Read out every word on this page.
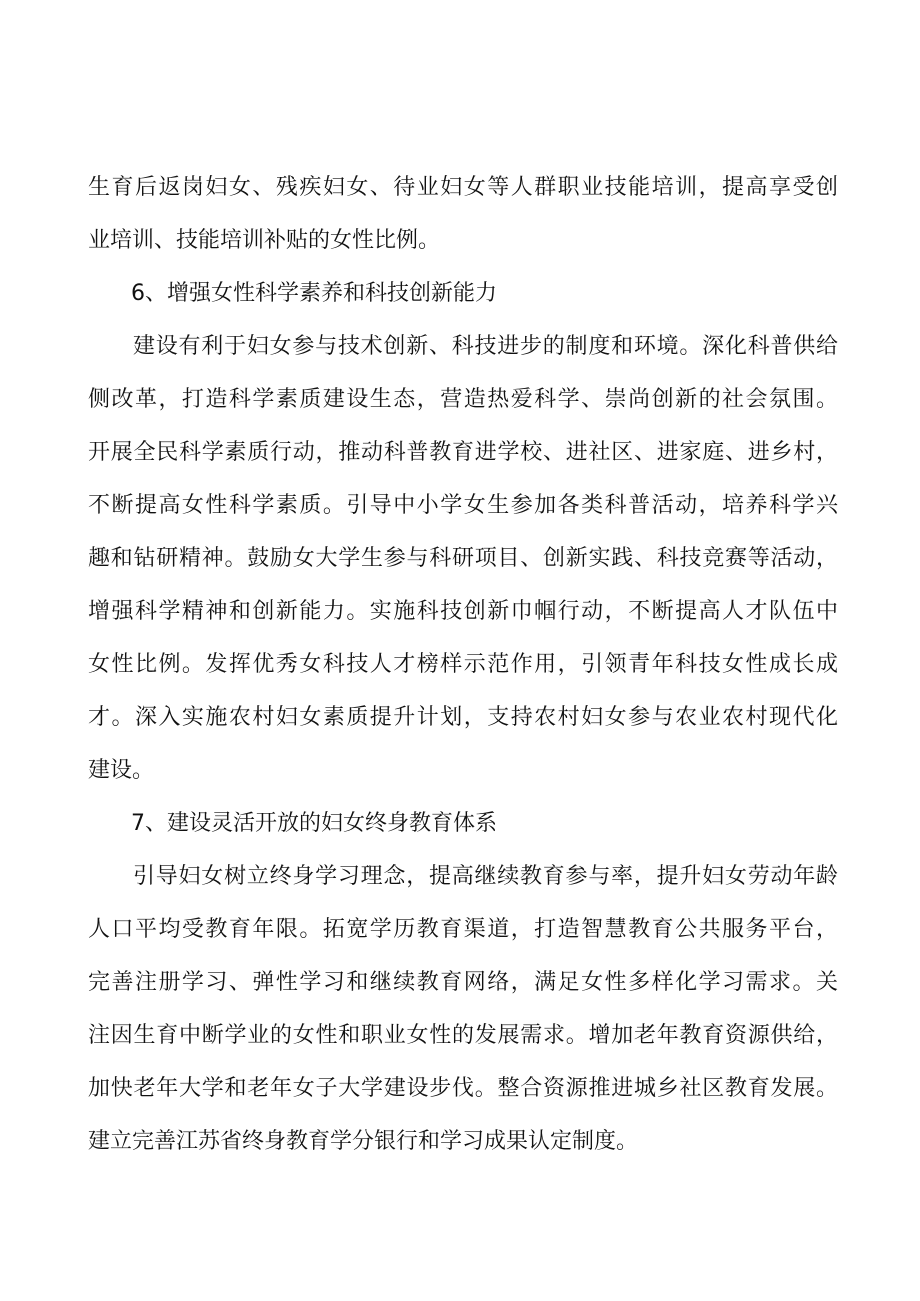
生育后返岗妇女、残疾妇女、待业妇女等人群职业技能培训，提高享受创
业培训、技能培训补贴的女性比例。
6、增强女性科学素养和科技创新能力
建设有利于妇女参与技术创新、科技进步的制度和环境。深化科普供给
侧改革，打造科学素质建设生态，营造热爱科学、崇尚创新的社会氛围。
开展全民科学素质行动，推动科普教育进学校、进社区、进家庭、进乡村，
不断提高女性科学素质。引导中小学女生参加各类科普活动，培养科学兴
趣和钻研精神。鼓励女大学生参与科研项目、创新实践、科技竞赛等活动，
增强科学精神和创新能力。实施科技创新巾帼行动，不断提高人才队伍中
女性比例。发挥优秀女科技人才榜样示范作用，引领青年科技女性成长成
才。深入实施农村妇女素质提升计划，支持农村妇女参与农业农村现代化
建设。
7、建设灵活开放的妇女终身教育体系
引导妇女树立终身学习理念，提高继续教育参与率，提升妇女劳动年龄
人口平均受教育年限。拓宽学历教育渠道，打造智慧教育公共服务平台，
完善注册学习、弹性学习和继续教育网络，满足女性多样化学习需求。关
注因生育中断学业的女性和职业女性的发展需求。增加老年教育资源供给，
加快老年大学和老年女子大学建设步伐。整合资源推进城乡社区教育发展。
建立完善江苏省终身教育学分银行和学习成果认定制度。
